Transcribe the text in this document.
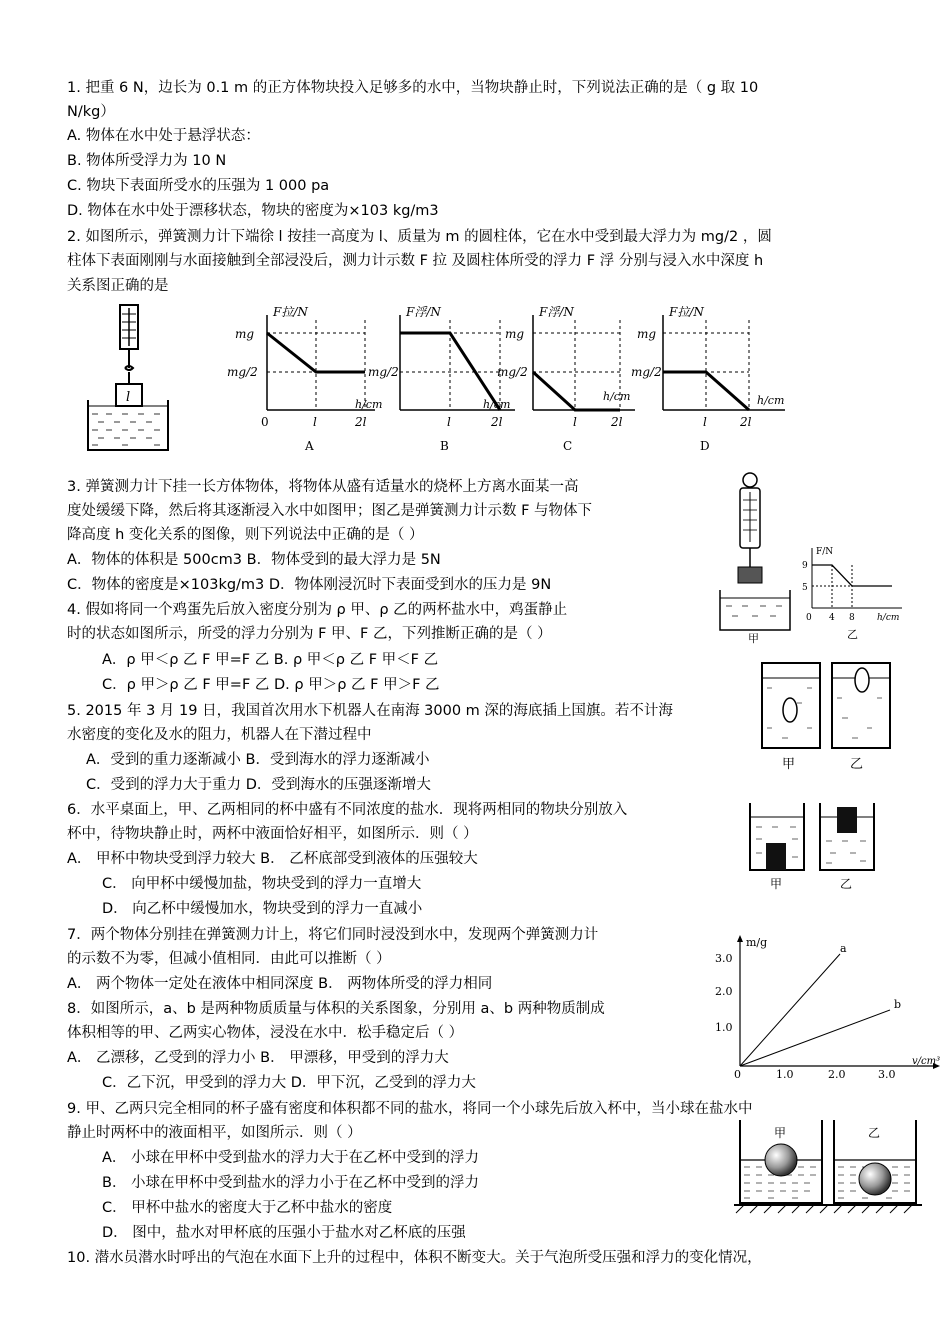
1. 把重 6 N，边长为 0.1 m 的正方体物块投入足够多的水中，当物块静止时，下列说法正确的是（ g 取 10
N/kg）
A. 物体在水中处于悬浮状态：
B. 物体所受浮力为 10 N
C. 物块下表面所受水的压强为 1 000 pa
D. 物体在水中处于漂移状态，物块的密度为×103 kg/m3
2. 如图所示，弹簧测力计下端徐 l 按挂一高度为 l、质量为 m 的圆柱体，它在水中受到最大浮力为 mg/2 ，圆
柱体下表面刚刚与水面接触到全部浸没后，测力计示数 F 拉 及圆柱体所受的浮力 F 浮 分别与浸入水中深度 h
关系图正确的是
3. 弹簧测力计下挂一长方体物体，将物体从盛有适量水的烧杯上方离水面某一高
度处缓缓下降，然后将其逐渐浸入水中如图甲；图乙是弹簧测力计示数 F 与物体下
降高度 h 变化关系的图像，则下列说法中正确的是（ ）
A．物体的体积是 500cm3 B．物体受到的最大浮力是 5N
C．物体的密度是×103kg/m3 D．物体刚浸沉时下表面受到水的压力是 9N
4. 假如将同一个鸡蛋先后放入密度分别为 ρ 甲、ρ 乙的两杯盐水中，鸡蛋静止
时的状态如图所示，所受的浮力分别为 F 甲、F 乙，下列推断正确的是（ ）
A．ρ 甲＜ρ 乙 F 甲=F 乙 B. ρ 甲＜ρ 乙 F 甲＜F 乙
C．ρ 甲＞ρ 乙 F 甲=F 乙 D. ρ 甲＞ρ 乙 F 甲＞F 乙
5. 2015 年 3 月 19 日，我国首次用水下机器人在南海 3000 m 深的海底插上国旗。若不计海
水密度的变化及水的阻力，机器人在下潜过程中
A．受到的重力逐渐减小 B．受到海水的浮力逐渐减小
C．受到的浮力大于重力 D．受到海水的压强逐渐增大
6．水平桌面上，甲、乙两相同的杯中盛有不同浓度的盐水．现将两相同的物块分别放入
杯中，待物块静止时，两杯中液面恰好相平，如图所示．则（ ）
A． 甲杯中物块受到浮力较大 B． 乙杯底部受到液体的压强较大
C． 向甲杯中缓慢加盐，物块受到的浮力一直增大
D． 向乙杯中缓慢加水，物块受到的浮力一直减小
7．两个物体分别挂在弹簧测力计上，将它们同时浸没到水中，发现两个弹簧测力计
的示数不为零，但减小值相同．由此可以推断（ ）
A． 两个物体一定处在液体中相同深度 B． 两物体所受的浮力相同
8．如图所示，a、b 是两种物质质量与体积的关系图象，分别用 a、b 两种物质制成
体积相等的甲、乙两实心物体，浸没在水中．松手稳定后（ ）
A． 乙漂移，乙受到的浮力小 B． 甲漂移，甲受到的浮力大
C．乙下沉，甲受到的浮力大 D．甲下沉，乙受到的浮力大
9. 甲、乙两只完全相同的杯子盛有密度和体积都不同的盐水，将同一个小球先后放入杯中，当小球在盐水中
静止时两杯中的液面相平，如图所示．则（ ）
A． 小球在甲杯中受到盐水的浮力大于在乙杯中受到的浮力
B． 小球在甲杯中受到盐水的浮力小于在乙杯中受到的浮力
C． 甲杯中盐水的密度大于乙杯中盐水的密度
D． 图中，盐水对甲杯底的压强小于盐水对乙杯底的压强
10. 潜水员潜水时呼出的气泡在水面下上升的过程中，体积不断变大。关于气泡所受压强和浮力的变化情况，
l
mg
mg/2
F拉/N
0	l	2l
h/cm
A
mg/2
F浮/N
l	2l
h/cm
B
mg
mg/2
F浮/N
l	2l
h/cm
C
mg
mg/2
F拉/N
l	2l
h/cm
D
甲
F/N
9
5
0 4 8 h/cm
乙
甲	乙
甲	乙
m/g
3.0
2.0
1.0
0	1.0	2.0	3.0
v/cm³
a
b
甲	乙
